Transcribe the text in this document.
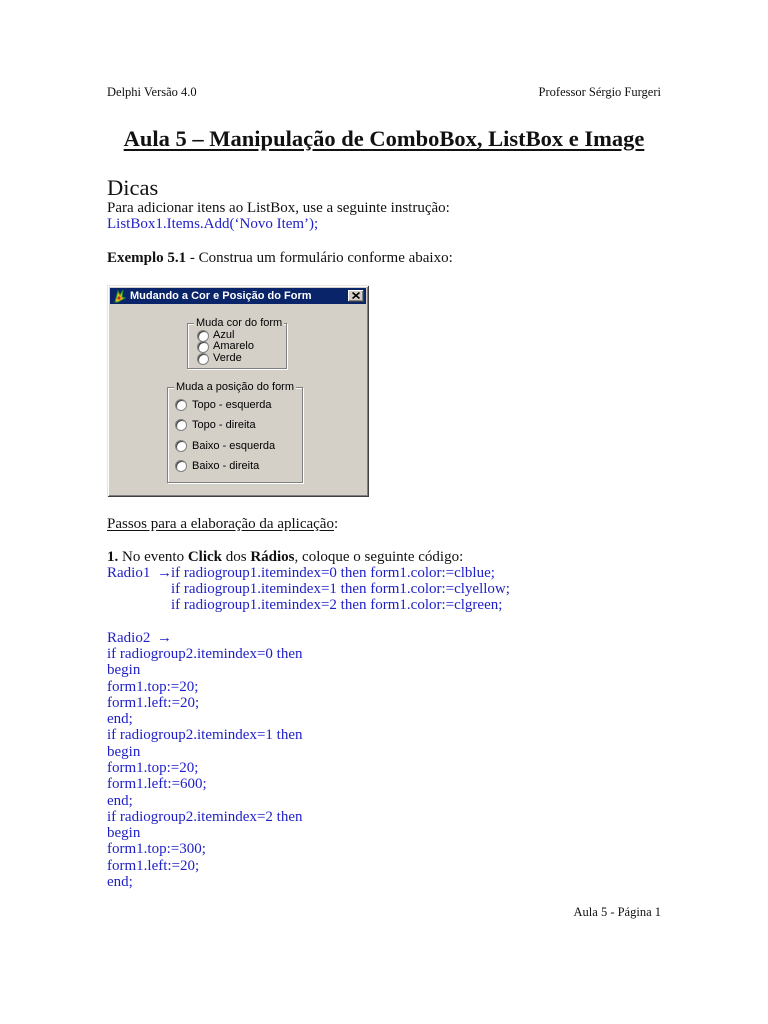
Delphi Versão 4.0	Professor Sérgio Furgeri
Aula 5 – Manipulação de ComboBox, ListBox e Image
Dicas
Para adicionar itens ao ListBox, use a seguinte instrução:
ListBox1.Items.Add(‘Novo Item’);
Exemplo 5.1 - Construa um formulário conforme abaixo:
Mudando a Cor e Posição do Form
Muda cor do form
Azul
Amarelo
Verde
Muda a posição do form
Topo - esquerda
Topo - direita
Baixo - esquerda
Baixo - direita
Passos para a elaboração da aplicação:
1. No evento Click dos Rádios, coloque o seguinte código:
Radio1 → if radiogroup1.itemindex=0 then form1.color:=clblue;
if radiogroup1.itemindex=1 then form1.color:=clyellow;
if radiogroup1.itemindex=2 then form1.color:=clgreen;
Radio2 →
if radiogroup2.itemindex=0 then
begin
form1.top:=20;
form1.left:=20;
end;
if radiogroup2.itemindex=1 then
begin
form1.top:=20;
form1.left:=600;
end;
if radiogroup2.itemindex=2 then
begin
form1.top:=300;
form1.left:=20;
end;
Aula 5 - Página 1
